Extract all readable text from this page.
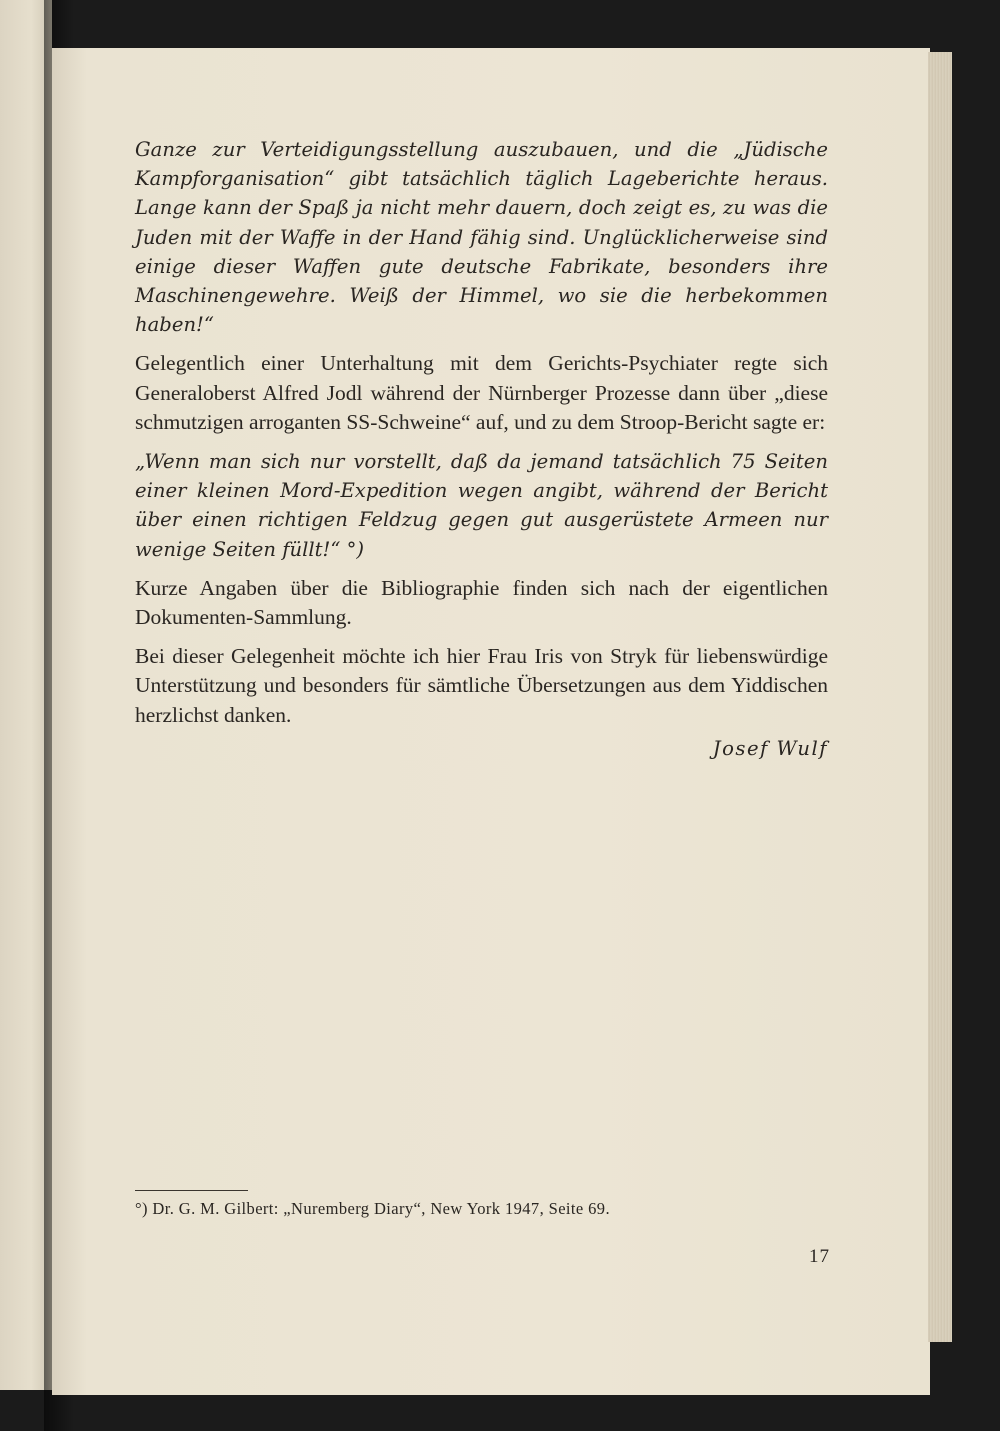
Ganze zur Verteidigungsstellung auszubauen, und die „Jüdische Kampforganisation“ gibt tatsächlich täglich Lageberichte heraus. Lange kann der Spaß ja nicht mehr dauern, doch zeigt es, zu was die Juden mit der Waffe in der Hand fähig sind. Unglücklicherweise sind einige dieser Waffen gute deutsche Fabrikate, besonders ihre Maschinengewehre. Weiß der Himmel, wo sie die herbekommen haben!“

Gelegentlich einer Unterhaltung mit dem Gerichts-Psychiater regte sich Generaloberst Alfred Jodl während der Nürnberger Prozesse dann über „diese schmutzigen arroganten SS-Schweine“ auf, und zu dem Stroop-Bericht sagte er:

„Wenn man sich nur vorstellt, daß da jemand tatsächlich 75 Seiten einer kleinen Mord-Expedition wegen angibt, während der Bericht über einen richtigen Feldzug gegen gut ausgerüstete Armeen nur wenige Seiten füllt!“ °)

Kurze Angaben über die Bibliographie finden sich nach der eigentlichen Dokumenten-Sammlung.

Bei dieser Gelegenheit möchte ich hier Frau Iris von Stryk für liebenswürdige Unterstützung und besonders für sämtliche Übersetzungen aus dem Yiddischen herzlichst danken.

Josef Wulf
°) Dr. G. M. Gilbert: „Nuremberg Diary“, New York 1947, Seite 69.
17
